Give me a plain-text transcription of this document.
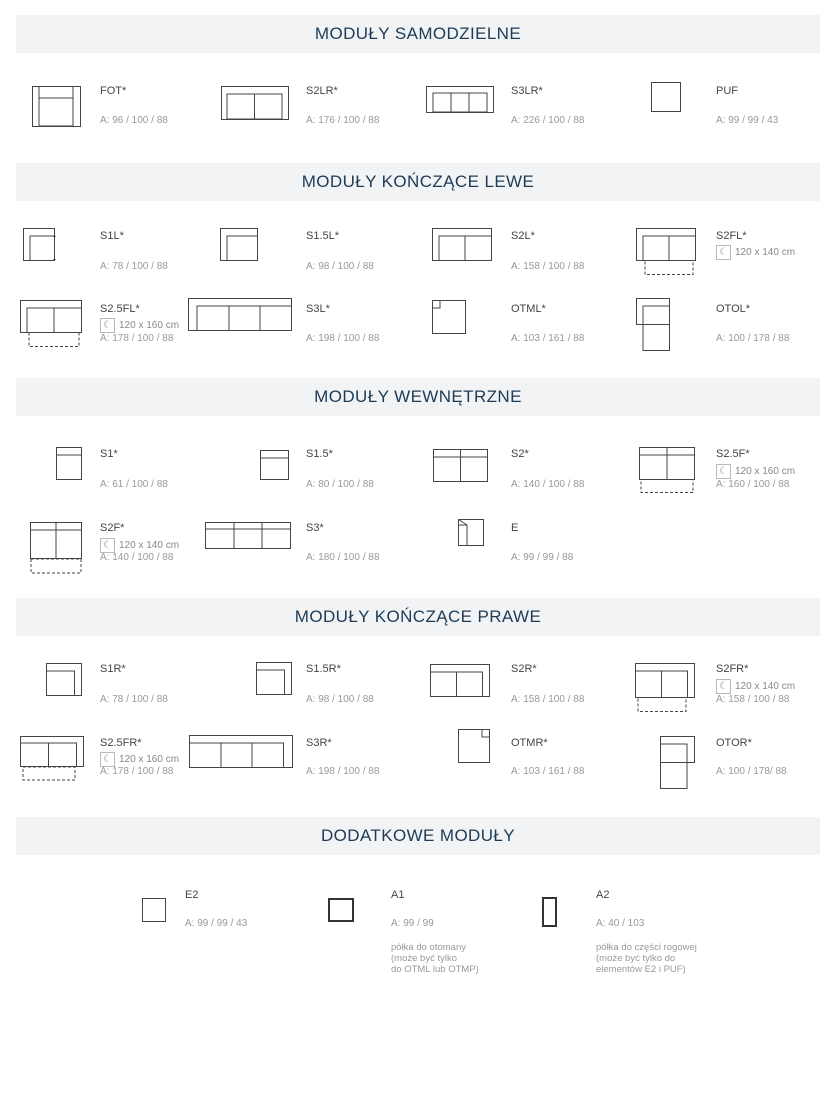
MODUŁY SAMODZIELNE
MODUŁY KOŃCZĄCE LEWE
MODUŁY WEWNĘTRZNE
MODUŁY KOŃCZĄCE PRAWE
DODATKOWE MODUŁY
FOT*
A: 96 / 100 / 88
S2LR*
A: 176 / 100 / 88
S3LR*
A: 226 / 100 / 88
PUF
A: 99 / 99 / 43
S1L*
A: 78 / 100 / 88
S1.5L*
A: 98 / 100 / 88
S2L*
A: 158 / 100 / 88
S2FL*
☾ 120 x 140 cm
S2.5FL*
☾ 120 x 160 cm
A: 178 / 100 / 88
S3L*
A: 198 / 100 / 88
OTML*
A: 103 / 161 / 88
OTOL*
A: 100 / 178 / 88
S1*
A: 61 / 100 / 88
S1.5*
A: 80 / 100 / 88
S2*
A: 140 / 100 / 88
S2.5F*
☾ 120 x 160 cm
A: 160 / 100 / 88
S2F*
☾ 120 x 140 cm
A: 140 / 100 / 88
S3*
A: 180 / 100 / 88
E
A: 99 / 99 / 88
S1R*
A: 78 / 100 / 88
S1.5R*
A: 98 / 100 / 88
S2R*
A: 158 / 100 / 88
S2FR*
☾ 120 x 140 cm
A: 158 / 100 / 88
S2.5FR*
☾ 120 x 160 cm
A: 178 / 100 / 88
S3R*
A: 198 / 100 / 88
OTMR*
A: 103 / 161 / 88
OTOR*
A: 100 / 178/ 88
E2
A: 99 / 99 / 43
A1
A: 99 / 99
półka do otomany
(może być tylko
do OTML lub OTMP)
A2
A: 40 / 103
półka do części rogowej
(może być tylko do
elementów E2 i PUF)
